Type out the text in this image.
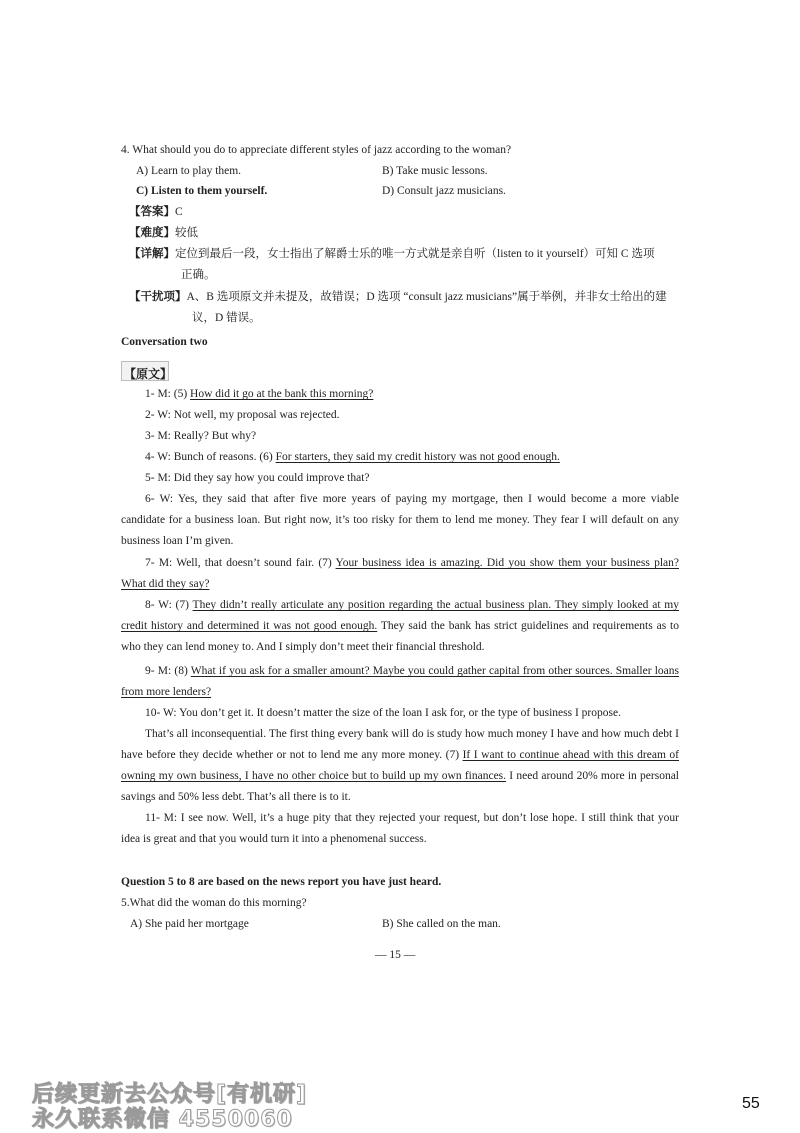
4. What should you do to appreciate different styles of jazz according to the woman?
A) Learn to play them.	B) Take music lessons.
C) Listen to them yourself.	D) Consult jazz musicians.
【答案】C
【难度】较低
【详解】定位到最后一段，女士指出了解爵士乐的唯一方式就是亲自听（listen to it yourself）可知 C 选项
正确。
【干扰项】A、B 选项原文并未提及，故错误；D 选项 “consult jazz musicians”属于举例，并非女士给出的建
议，D 错误。
Conversation two
【原文】
1- M: (5) How did it go at the bank this morning?
2- W: Not well, my proposal was rejected.
3- M: Really? But why?
4- W: Bunch of reasons. (6) For starters, they said my credit history was not good enough.
5- M: Did they say how you could improve that?
6- W: Yes, they said that after five more years of paying my mortgage, then I would become a more viable candidate for a business loan. But right now, it’s too risky for them to lend me money. They fear I will default on any business loan I’m given.
7- M: Well, that doesn’t sound fair. (7) Your business idea is amazing. Did you show them your business plan? What did they say?
8- W: (7) They didn’t really articulate any position regarding the actual business plan. They simply looked at my credit history and determined it was not good enough. They said the bank has strict guidelines and requirements as to who they can lend money to. And I simply don’t meet their financial threshold.
9- M: (8) What if you ask for a smaller amount? Maybe you could gather capital from other sources. Smaller loans from more lenders?
10- W: You don’t get it. It doesn’t matter the size of the loan I ask for, or the type of business I propose.
That’s all inconsequential. The first thing every bank will do is study how much money I have and how much debt I have before they decide whether or not to lend me any more money. (7) If I want to continue ahead with this dream of owning my own business, I have no other choice but to build up my own finances. I need around 20% more in personal savings and 50% less debt. That’s all there is to it.
11- M: I see now. Well, it’s a huge pity that they rejected your request, but don’t lose hope. I still think that your idea is great and that you would turn it into a phenomenal success.
Question 5 to 8 are based on the news report you have just heard.
5.What did the woman do this morning?
A) She paid her mortgage	B) She called on the man.
— 15 —
后续更新去公众号[有机研]
永久联系微信 4550060
55
